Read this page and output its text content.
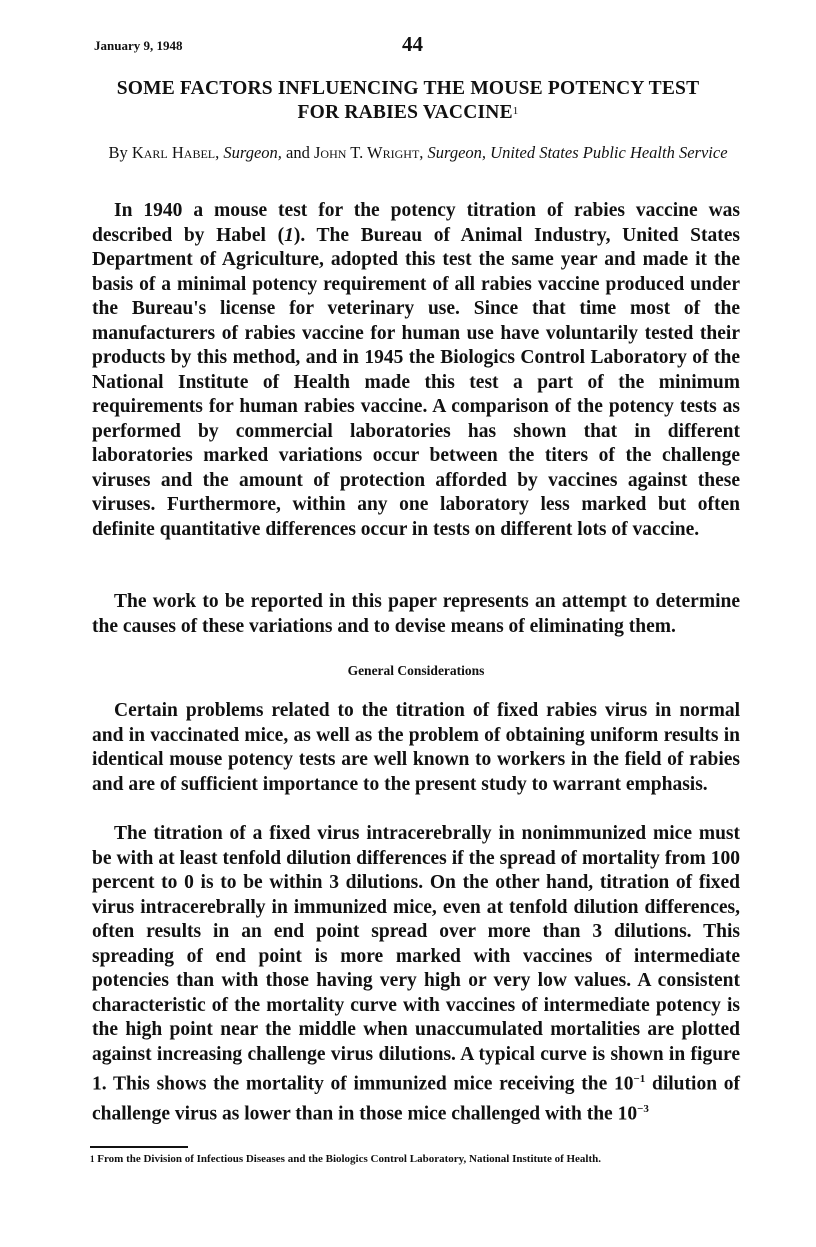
January 9, 1948	44
SOME FACTORS INFLUENCING THE MOUSE POTENCY TEST
FOR RABIES VACCINE$^1$
By Karl Habel, Surgeon, and John T. Wright, Surgeon, United States Public Health Service

In 1940 a mouse test for the potency titration of rabies vaccine was described by Habel (1). The Bureau of Animal Industry, United States Department of Agriculture, adopted this test the same year and made it the basis of a minimal potency requirement of all rabies vaccine produced under the Bureau's license for veterinary use. Since that time most of the manufacturers of rabies vaccine for human use have voluntarily tested their products by this method, and in 1945 the Biologics Control Laboratory of the National Institute of Health made this test a part of the minimum requirements for human rabies vaccine. A comparison of the potency tests as performed by commercial laboratories has shown that in different laboratories marked variations occur between the titers of the challenge viruses and the amount of protection afforded by vaccines against these viruses. Furthermore, within any one laboratory less marked but often definite quantitative differences occur in tests on different lots of vaccine.

The work to be reported in this paper represents an attempt to determine the causes of these variations and to devise means of eliminating them.

General Considerations

Certain problems related to the titration of fixed rabies virus in normal and in vaccinated mice, as well as the problem of obtaining uniform results in identical mouse potency tests are well known to workers in the field of rabies and are of sufficient importance to the present study to warrant emphasis.

The titration of a fixed virus intracerebrally in nonimmunized mice must be with at least tenfold dilution differences if the spread of mortality from 100 percent to 0 is to be within 3 dilutions. On the other hand, titration of fixed virus intracerebrally in immunized mice, even at tenfold dilution differences, often results in an end point spread over more than 3 dilutions. This spreading of end point is more marked with vaccines of intermediate potencies than with those having very high or very low values. A consistent characteristic of the mortality curve with vaccines of intermediate potency is the high point near the middle when unaccumulated mortalities are plotted against increasing challenge virus dilutions. A typical curve is shown in figure 1. This shows the mortality of immunized mice receiving the $10^{-1}$ dilution of challenge virus as lower than in those mice challenged with the $10^{-3}$

$^1$ From the Division of Infectious Diseases and the Biologics Control Laboratory, National Institute of Health.
